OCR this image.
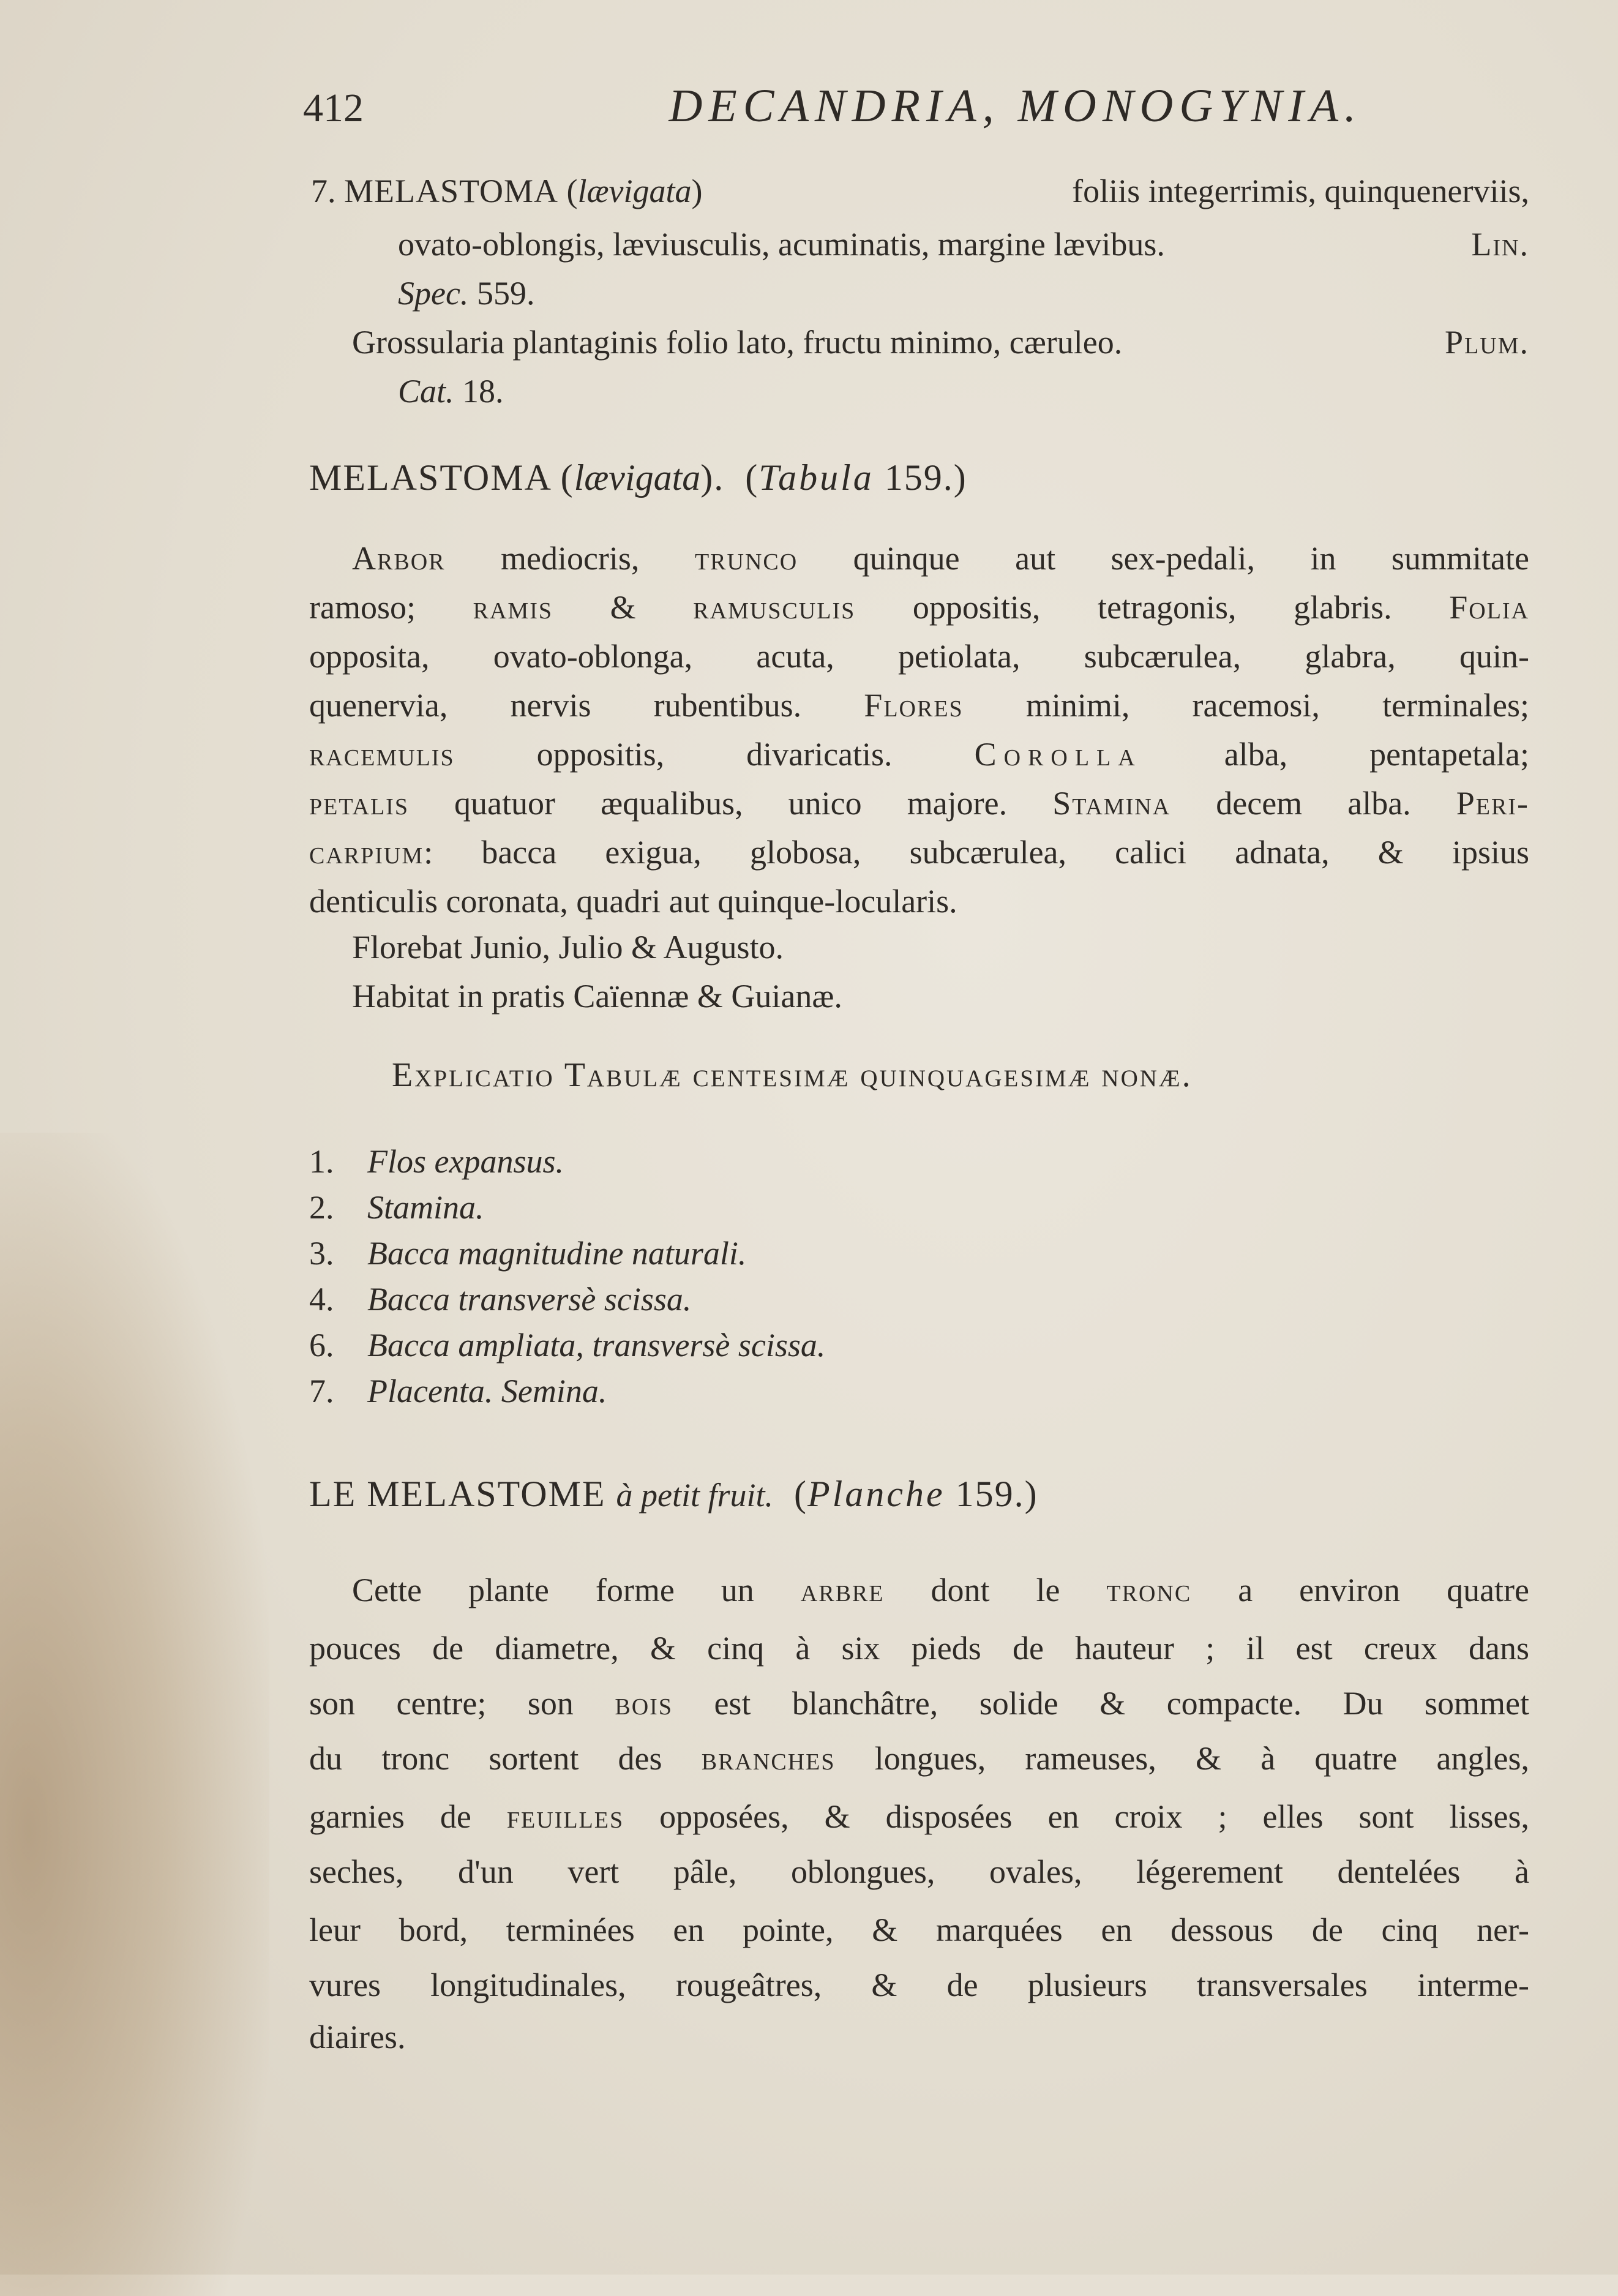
412	DECANDRIA, MONOGYNIA.
7. MELASTOMA (lævigata)	foliis integerrimis, quinquenerviis,
ovato-oblongis, læviusculis, acuminatis, margine lævibus.	Lin.
Spec. 559.
Grossularia plantaginis folio lato, fructu minimo, cæruleo.	Plum.
Cat. 18.
MELASTOMA (lævigata).  (Tabula 159.)
Arbor mediocris, trunco quinque aut sex-pedali, in summitate
ramoso; ramis & ramusculis oppositis, tetragonis, glabris. Folia
opposita, ovato-oblonga, acuta, petiolata, subcærulea, glabra, quin-
quenervia, nervis rubentibus. Flores minimi, racemosi, terminales;
racemulis oppositis, divaricatis. Corolla alba, pentapetala;
petalis quatuor æqualibus, unico majore. Stamina decem alba. Peri-
carpium: bacca exigua, globosa, subcærulea, calici adnata, & ipsius
denticulis coronata, quadri aut quinque-locularis.
Florebat Junio, Julio & Augusto.
Habitat in pratis Caïennæ & Guianæ.
Explicatio Tabulæ centesimæ quinquagesimæ nonæ.
1. Flos expansus.
2. Stamina.
3. Bacca magnitudine naturali.
4. Bacca transversè scissa.
6. Bacca ampliata, transversè scissa.
7. Placenta. Semina.
LE MELASTOME à petit fruit.  (Planche 159.)
Cette plante forme un arbre dont le tronc a environ quatre
pouces de diametre, & cinq à six pieds de hauteur ; il est creux dans
son centre; son bois est blanchâtre, solide & compacte. Du sommet
du tronc sortent des branches longues, rameuses, & à quatre angles,
garnies de feuilles opposées, & disposées en croix ; elles sont lisses,
seches, d'un vert pâle, oblongues, ovales, légerement dentelées à
leur bord, terminées en pointe, & marquées en dessous de cinq ner-
vures longitudinales, rougeâtres, & de plusieurs transversales interme-
diaires.
